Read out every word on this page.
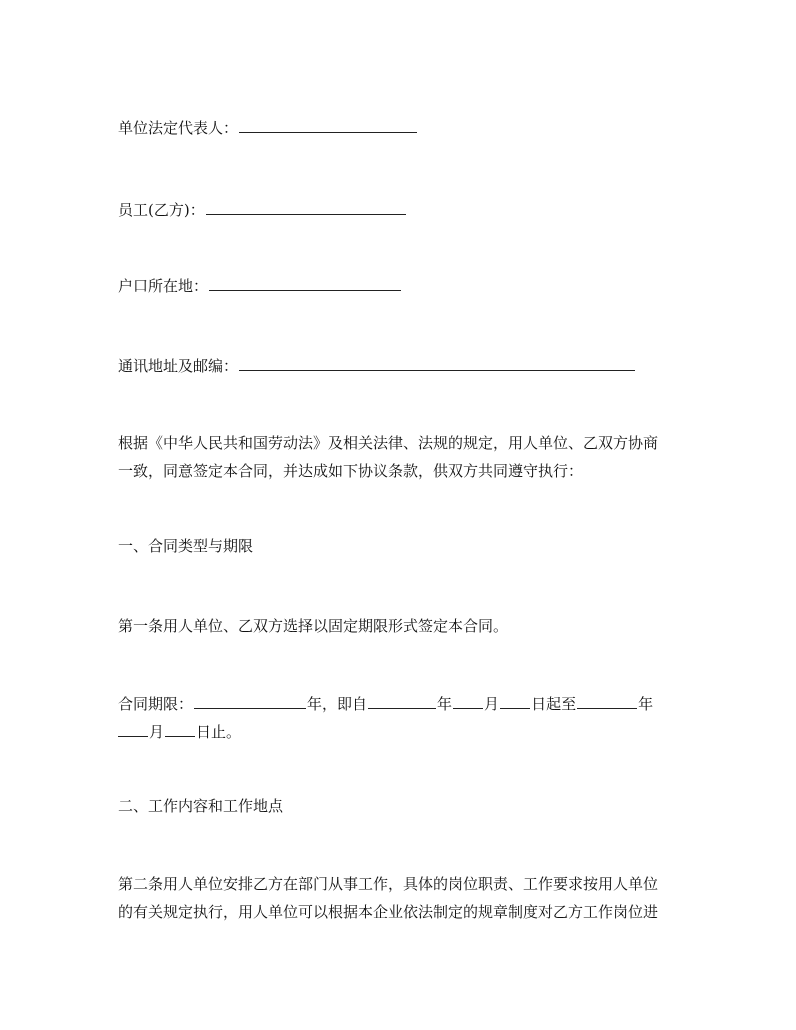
单位法定代表人：
员工(乙方)：
户口所在地：
通讯地址及邮编：
根据《中华人民共和国劳动法》及相关法律、法规的规定，用人单位、乙双方协商
一致，同意签定本合同，并达成如下协议条款，供双方共同遵守执行：
一、合同类型与期限
第一条用人单位、乙双方选择以固定期限形式签定本合同。
合同期限：	年，即自	年 月 日起至	年
月 日止。
二、工作内容和工作地点
第二条用人单位安排乙方在部门从事工作，具体的岗位职责、工作要求按用人单位
的有关规定执行，用人单位可以根据本企业依法制定的规章制度对乙方工作岗位进
